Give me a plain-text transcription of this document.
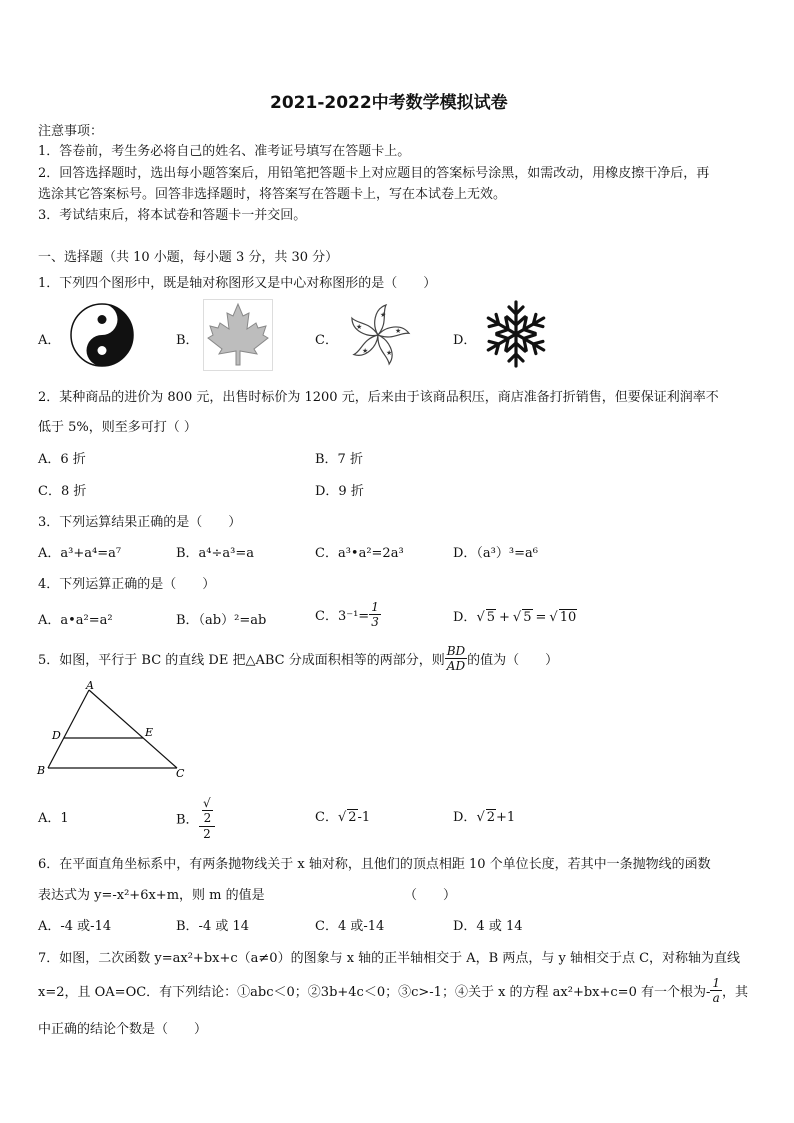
2021-2022中考数学模拟试卷
注意事项：
1．答卷前，考生务必将自己的姓名、准考证号填写在答题卡上。
2．回答选择题时，选出每小题答案后，用铅笔把答题卡上对应题目的答案标号涂黑，如需改动，用橡皮擦干净后，再
选涂其它答案标号。回答非选择题时，将答案写在答题卡上，写在本试卷上无效。
3．考试结束后，将本试卷和答题卡一并交回。
一、选择题（共 10 小题，每小题 3 分，共 30 分）
1．下列四个图形中，既是轴对称图形又是中心对称图形的是（　　）
A．	B．	C．
★
★
★
★
★
D．
2．某种商品的进价为 800 元，出售时标价为 1200 元，后来由于该商品积压，商店准备打折销售，但要保证利润率不
低于 5%，则至多可打（ ）
A．6 折	B．7 折
C．8 折	D．9 折
3．下列运算结果正确的是（　　）
A．a³+a⁴=a⁷	B．a⁴÷a³=a	C．a³•a²=2a³	D．（a³）³=a⁶
4．下列运算正确的是（　　）
A．a•a²=a²	B．（ab）²=ab	C．$3^{-1}= \frac{1}{3}$	D．√ 5 + √ 5 = √ 10
5．如图，平行于 BC 的直线 DE 把△ABC 分成面积相等的两部分，则 $\frac{BD}{AD}$ 的值为（　　）
A
D	E
B	C
A．1	B． √
2
2	C．√ 2-1	D．√ 2+1
6．在平面直角坐标系中，有两条抛物线关于 x 轴对称，且他们的顶点相距 10 个单位长度，若其中一条抛物线的函数
表达式为 y=-x²+6x+m，则 m 的值是	（　　）
A．-4 或-14	B．-4 或 14	C．4 或-14	D．4 或 14
7．如图，二次函数 y=ax²+bx+c（a≠0）的图象与 x 轴的正半轴相交于 A，B 两点，与 y 轴相交于点 C，对称轴为直线
x=2，且 OA=OC．有下列结论：①abc＜0；②3b+4c＜0；③c>-1；④关于 x 的方程 ax²+bx+c=0 有一个根为- $\frac{1}{a}$ ，其
中正确的结论个数是（　　）
